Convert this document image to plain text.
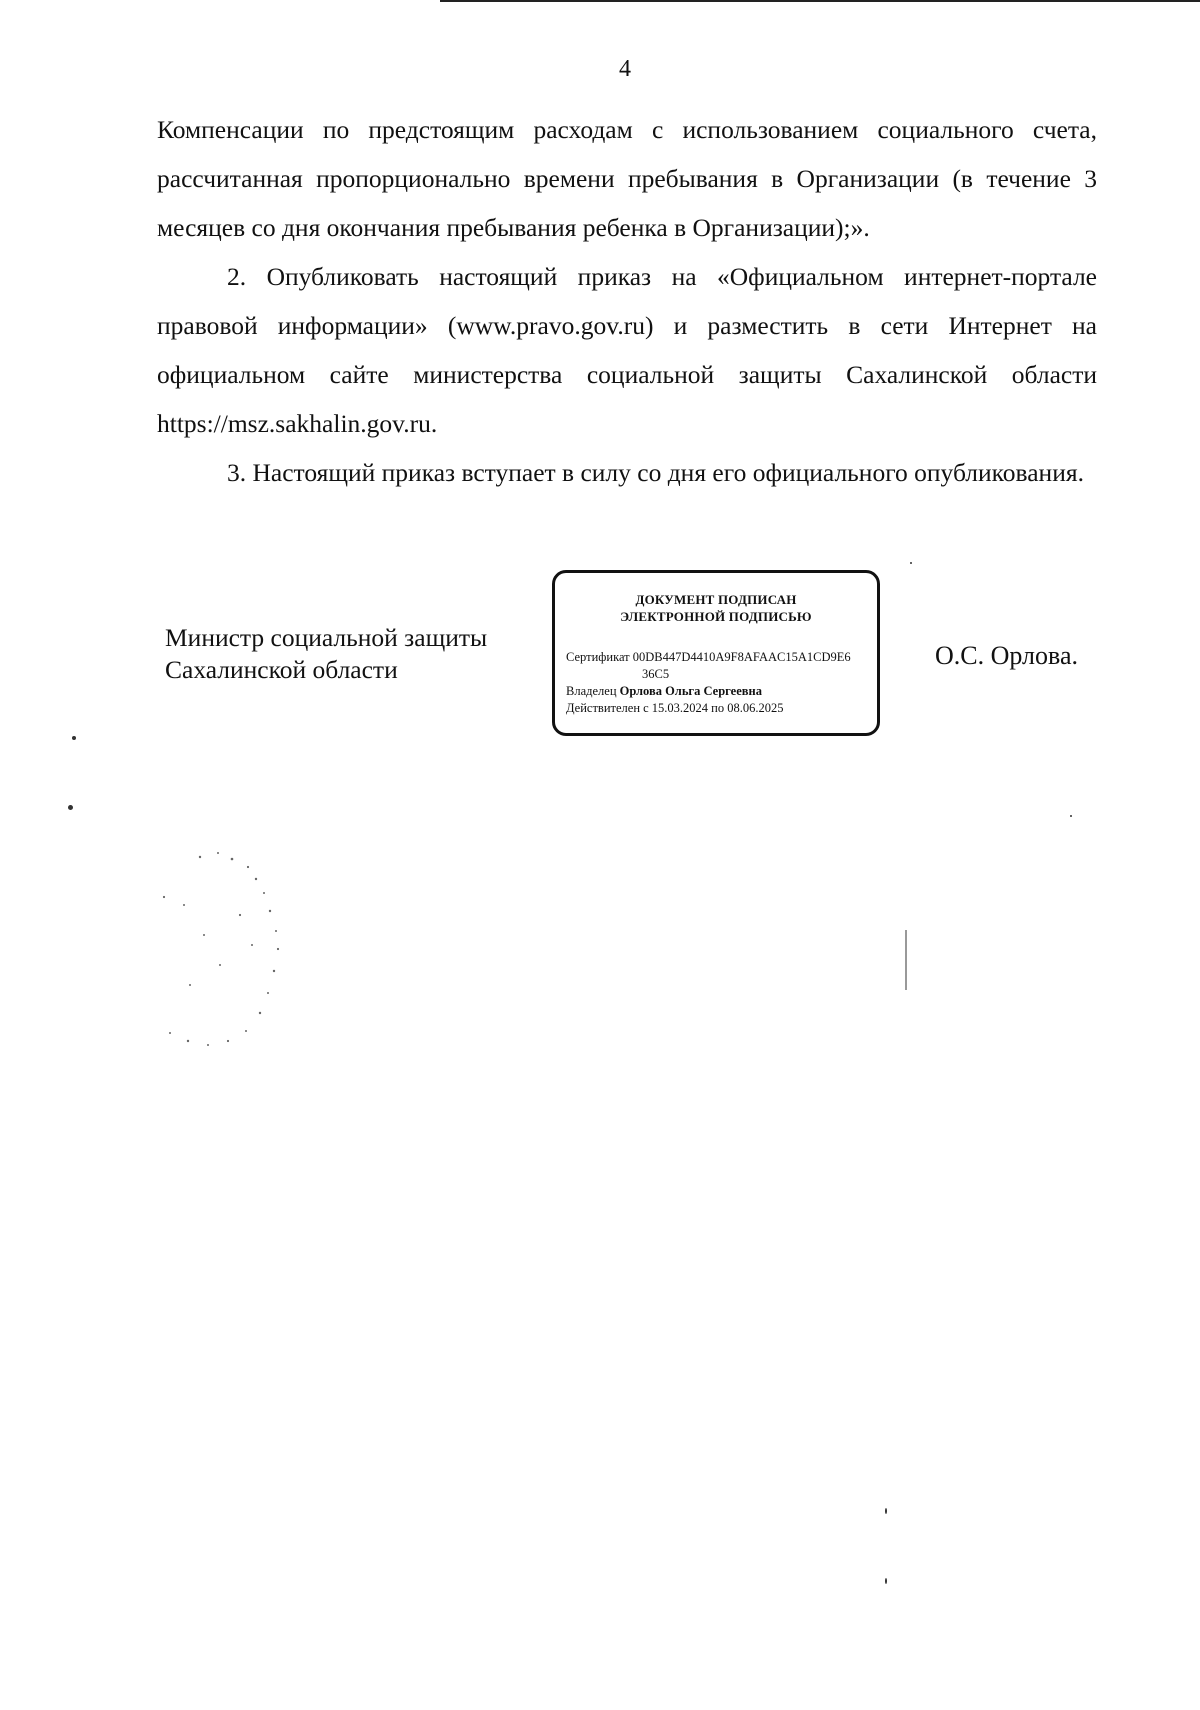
4

Компенсации по предстоящим расходам с использованием социального счета, рассчитанная пропорционально времени пребывания в Организации (в течение 3 месяцев со дня окончания пребывания ребенка в Организации);».

2. Опубликовать настоящий приказ на «Официальном интернет-портале правовой информации» (www.pravo.gov.ru) и разместить в сети Интернет на официальном сайте министерства социальной защиты Сахалинской области https://msz.sakhalin.gov.ru.

3. Настоящий приказ вступает в силу со дня его официального опубликования.

Министр социальной защиты
Сахалинской области
ДОКУМЕНТ ПОДПИСАН
ЭЛЕКТРОННОЙ ПОДПИСЬЮ
Сертификат 00DB447D4410A9F8AFAAC15A1CD9E6
36C5
Владелец Орлова Ольга Сергеевна
Действителен с 15.03.2024 по 08.06.2025
О.С. Орлова.
